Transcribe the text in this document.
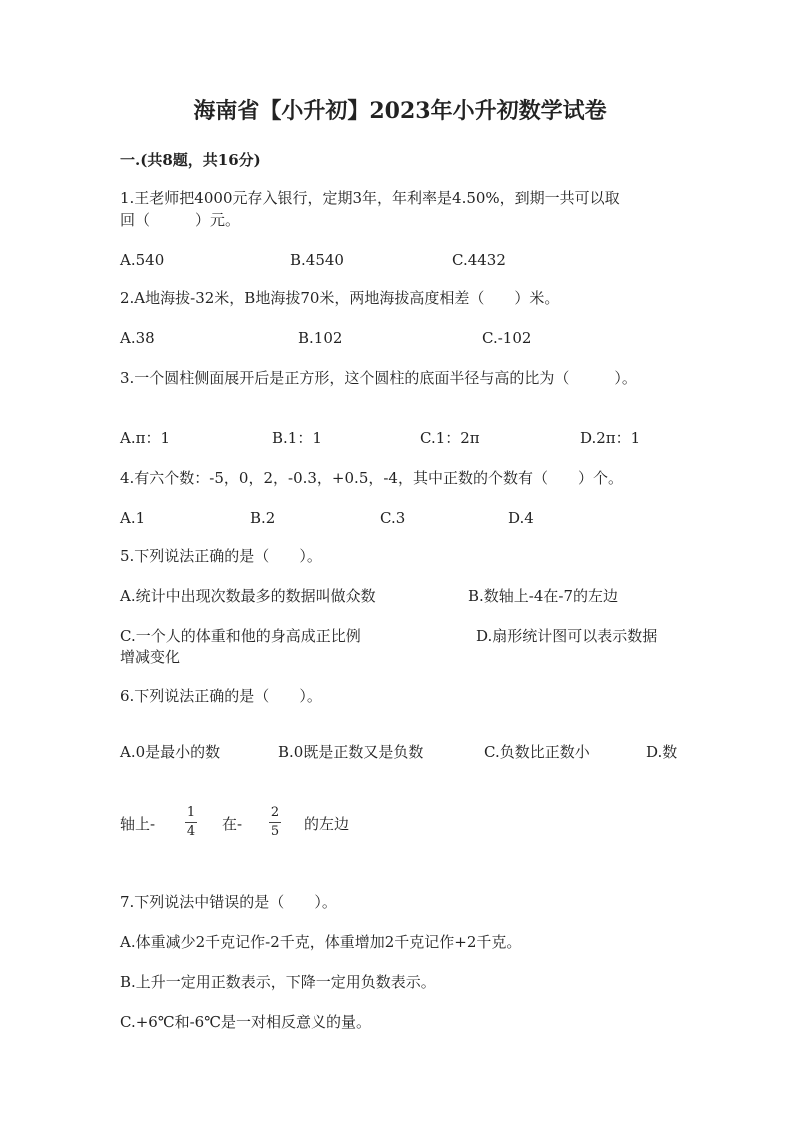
海南省【小升初】2023年小升初数学试卷
一.(共8题，共16分)
1.王老师把4000元存入银行，定期3年，年利率是4.50%，到期一共可以取
回（　　　）元。
A.540	B.4540	C.4432
2.A地海拔-32米，B地海拔70米，两地海拔高度相差（　　）米。
A.38	B.102	C.-102
3.一个圆柱侧面展开后是正方形，这个圆柱的底面半径与高的比为（　　　）。
A.π：1	B.1：1	C.1：2π	D.2π：1
4.有六个数：-5，0，2，-0.3，+0.5，-4，其中正数的个数有（　　）个。
A.1	B.2	C.3	D.4
5.下列说法正确的是（　　）。
A.统计中出现次数最多的数据叫做众数	B.数轴上-4在-7的左边
C.一个人的体重和他的身高成正比例	D.扇形统计图可以表示数据
增减变化
6.下列说法正确的是（　　）。
A.0是最小的数	B.0既是正数又是负数	C.负数比正数小	D.数
轴上-
1
4 在-
2
5 的左边
7.下列说法中错误的是（　　）。
A.体重减少2千克记作-2千克，体重增加2千克记作+2千克。
B.上升一定用正数表示，下降一定用负数表示。
C.+6℃和-6℃是一对相反意义的量。
